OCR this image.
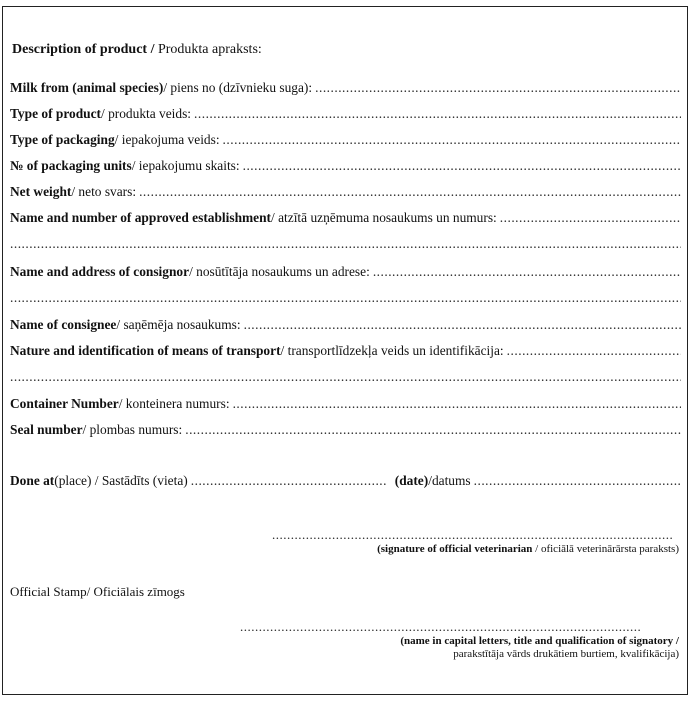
Description of product / Produkta apraksts:
Milk from (animal species) / piens no (dzīvnieku suga):
.....
Type of product / produkta veids:
.....
Type of packaging / iepakojuma veids:
.....
№ of packaging units / iepakojumu skaits:
.....
Net weight / neto svars:
.....
Name and number of approved establishment / atzītā uzņēmuma nosaukums un numurs:
.....
.....
Name and address of consignor / nosūtītāja nosaukums un adrese:
.....
.....
Name of consignee / saņēmēja nosaukums:
.....
Nature and identification of means of transport / transportlīdzekļa veids un identifikācija:
.....
.....
Container Number / konteinera numurs:
.....
Seal number / plombas numurs:
.....
Done at (place) / Sastādīts (vieta)
.....	(date) /datums
.....
.....
(signature of official veterinarian / oficiālā veterinārārsta paraksts)
Official Stamp/ Oficiālais zīmogs
.....
(name in capital letters, title and qualification of signatory /
parakstītāja vārds drukātiem burtiem, kvalifikācija)
